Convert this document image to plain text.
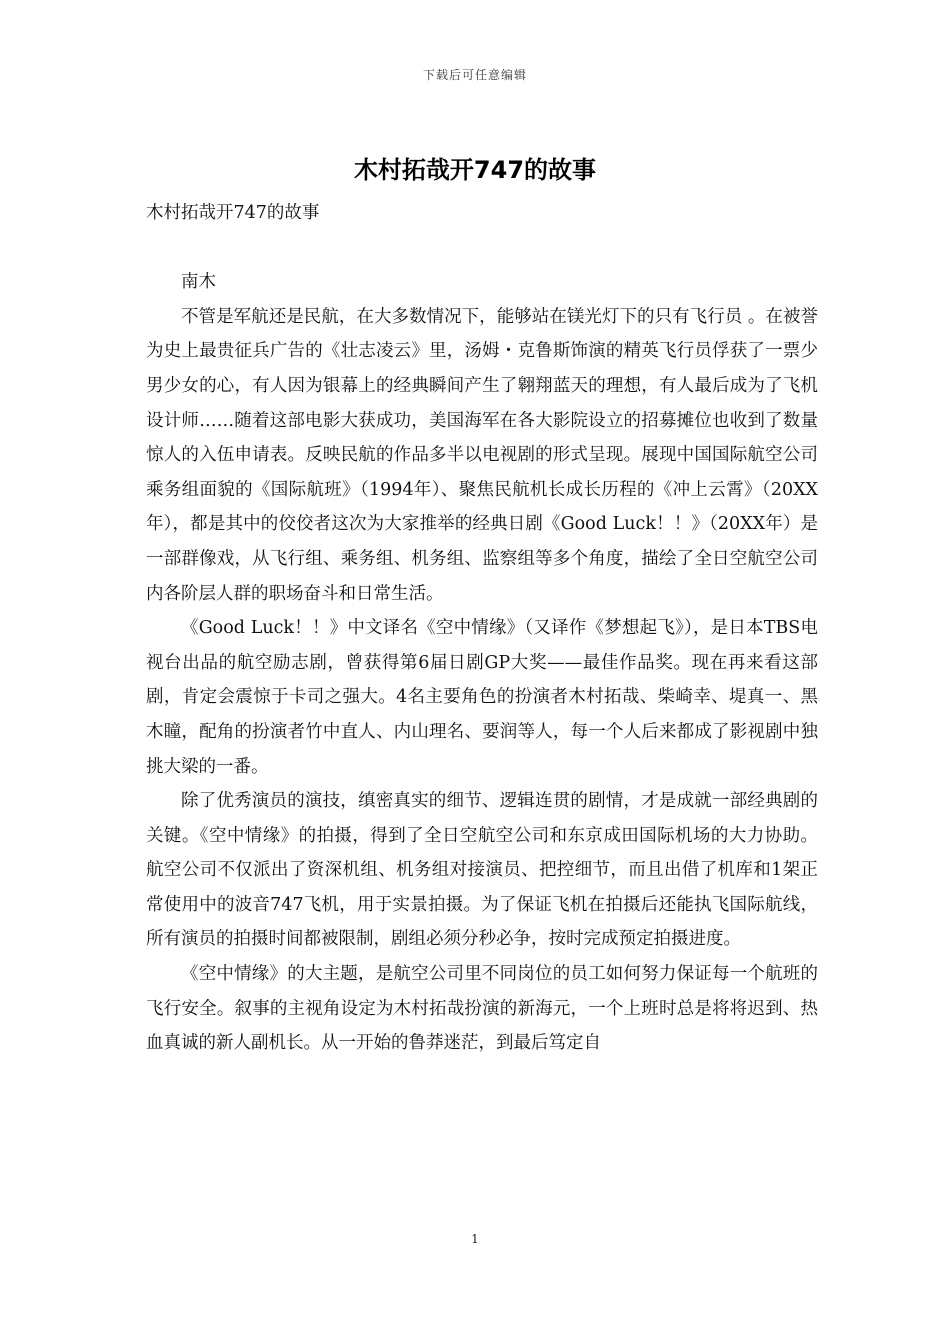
下载后可任意编辑
木村拓哉开747的故事

木村拓哉开747的故事

南木

不管是军航还是民航，在大多数情况下，能够站在镁光灯下的只有飞行员 。在被誉为史上最贵征兵广告的《壮志凌云》里，汤姆・克鲁斯饰演的精英飞行员俘获了一票少男少女的心，有人因为银幕上的经典瞬间产生了翱翔蓝天的理想，有人最后成为了飞机设计师……随着这部电影大获成功，美国海军在各大影院设立的招募摊位也收到了数量惊人的入伍申请表。反映民航的作品多半以电视剧的形式呈现。展现中国国际航空公司乘务组面貌的《国际航班》（1994年）、聚焦民航机长成长历程的《冲上云霄》（20XX年），都是其中的佼佼者这次为大家推举的经典日剧《Good Luck！！》（20XX年）是一部群像戏，从飞行组、乘务组、机务组、监察组等多个角度，描绘了全日空航空公司内各阶层人群的职场奋斗和日常生活。

《Good Luck！！》中文译名《空中情缘》（又译作《梦想起飞》），是日本TBS电视台出品的航空励志剧，曾获得第6届日剧GP大奖——最佳作品奖。现在再来看这部剧，肯定会震惊于卡司之强大。4名主要角色的扮演者木村拓哉、柴崎幸、堤真一、黑木瞳，配角的扮演者竹中直人、内山理名、要润等人，每一个人后来都成了影视剧中独挑大梁的一番。

除了优秀演员的演技，缜密真实的细节、逻辑连贯的剧情，才是成就一部经典剧的关键。《空中情缘》的拍摄，得到了全日空航空公司和东京成田国际机场的大力协助。航空公司不仅派出了资深机组、机务组对接演员、把控细节，而且出借了机库和1架正常使用中的波音747飞机，用于实景拍摄。为了保证飞机在拍摄后还能执飞国际航线，所有演员的拍摄时间都被限制，剧组必须分秒必争，按时完成预定拍摄进度。

《空中情缘》的大主题，是航空公司里不同岗位的员工如何努力保证每一个航班的飞行安全。叙事的主视角设定为木村拓哉扮演的新海元，一个上班时总是将将迟到、热血真诚的新人副机长。从一开始的鲁莽迷茫，到最后笃定自

1
